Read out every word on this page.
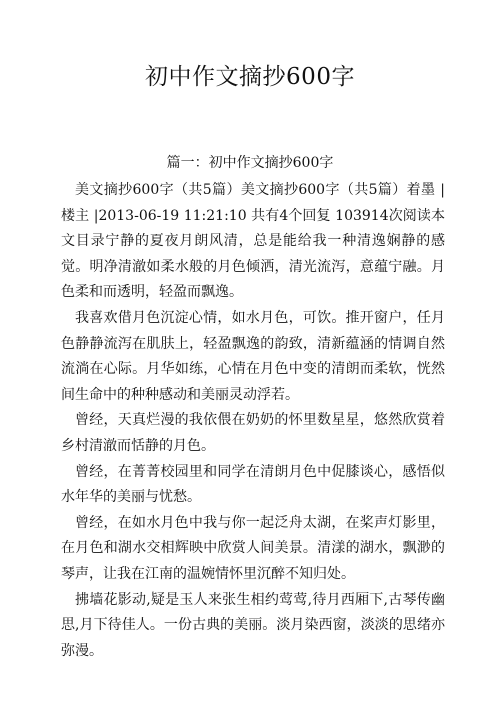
初中作文摘抄600字
篇一：初中作文摘抄600字

美文摘抄600字（共5篇）美文摘抄600字（共5篇）着墨 | 楼主 |2013-06-19 11:21:10 共有4个回复 103914次阅读本文目录宁静的夏夜月朗风清，总是能给我一种清逸娴静的感觉。明净清澈如柔水般的月色倾洒，清光流泻，意蕴宁融。月色柔和而透明，轻盈而飘逸。

我喜欢借月色沉淀心情，如水月色，可饮。推开窗户，任月色静静流泻在肌肤上，轻盈飘逸的韵致，清新蕴涵的情调自然流淌在心际。月华如练，心情在月色中变的清朗而柔软，恍然间生命中的种种感动和美丽灵动浮若。

曾经，天真烂漫的我依偎在奶奶的怀里数星星，悠然欣赏着乡村清澈而恬静的月色。

曾经，在菁菁校园里和同学在清朗月色中促膝谈心，感悟似水年华的美丽与忧愁。

曾经，在如水月色中我与你一起泛舟太湖，在桨声灯影里，在月色和湖水交相辉映中欣赏人间美景。清漾的湖水，飘渺的琴声，让我在江南的温婉情怀里沉醉不知归处。

拂墙花影动,疑是玉人来张生相约莺莺,待月西厢下,古琴传幽思,月下待佳人。一份古典的美丽。淡月染西窗，淡淡的思绪亦弥漫。
